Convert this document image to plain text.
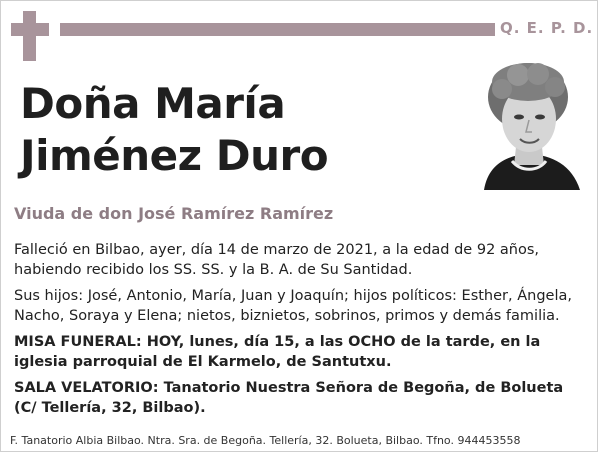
Q. E. P. D.
Doña María
Jiménez Duro
Viuda de don José Ramírez Ramírez

Falleció en Bilbao, ayer, día 14 de marzo de 2021, a la edad de 92 años, habiendo recibido los SS. SS. y la B. A. de Su Santidad.

Sus hijos: José, Antonio, María, Juan y Joaquín; hijos políticos: Esther, Ángela, Nacho, Soraya y Elena; nietos, biznietos, sobrinos, primos y demás familia.

MISA FUNERAL: HOY, lunes, día 15, a las OCHO de la tarde, en la iglesia parroquial de El Karmelo, de Santutxu.

SALA VELATORIO: Tanatorio Nuestra Señora de Begoña, de Bolueta (C/ Tellería, 32, Bilbao).

F. Tanatorio Albia Bilbao. Ntra. Sra. de Begoña. Tellería, 32. Bolueta, Bilbao. Tfno. 944453558
